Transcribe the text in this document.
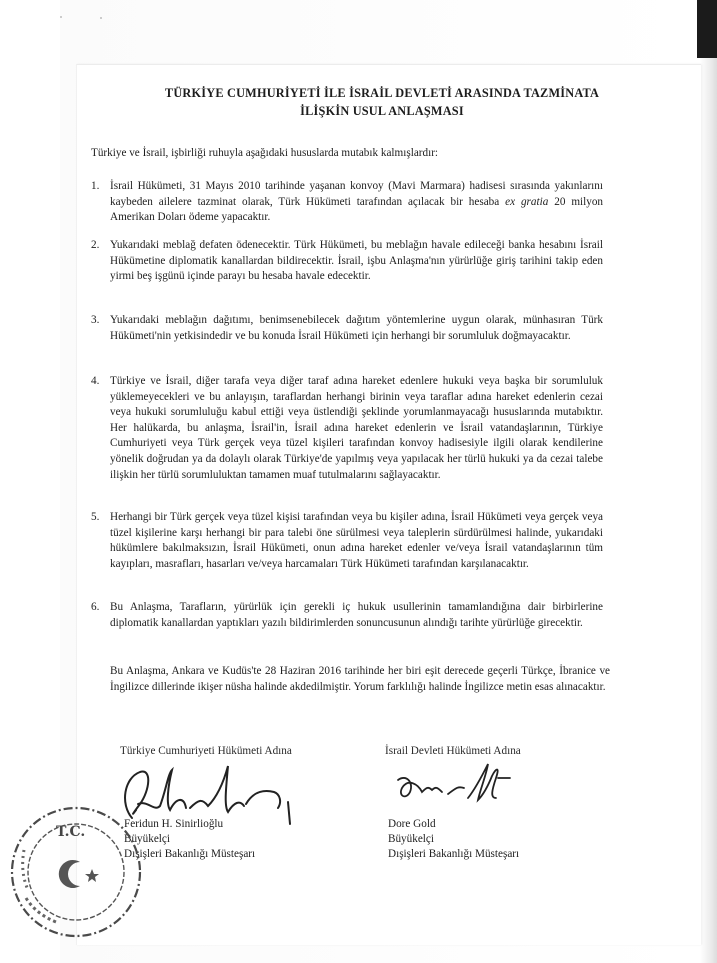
TÜRKİYE CUMHURİYETİ İLE İSRAİL DEVLETİ ARASINDA TAZMİNATA
İLİŞKİN USUL ANLAŞMASI
Türkiye ve İsrail, işbirliği ruhuyla aşağıdaki hususlarda mutabık kalmışlardır:
1. İsrail Hükümeti, 31 Mayıs 2010 tarihinde yaşanan konvoy (Mavi Marmara) hadisesi sırasında yakınlarını kaybeden ailelere tazminat olarak, Türk Hükümeti tarafından açılacak bir hesaba ex gratia 20 milyon Amerikan Doları ödeme yapacaktır.
2. Yukarıdaki meblağ defaten ödenecektir. Türk Hükümeti, bu meblağın havale edileceği banka hesabını İsrail Hükümetine diplomatik kanallardan bildirecektir. İsrail, işbu Anlaşma'nın yürürlüğe giriş tarihini takip eden yirmi beş işgünü içinde parayı bu hesaba havale edecektir.
3. Yukarıdaki meblağın dağıtımı, benimsenebilecek dağıtım yöntemlerine uygun olarak, münhasıran Türk Hükümeti'nin yetkisindedir ve bu konuda İsrail Hükümeti için herhangi bir sorumluluk doğmayacaktır.
4. Türkiye ve İsrail, diğer tarafa veya diğer taraf adına hareket edenlere hukuki veya başka bir sorumluluk yüklemeyecekleri ve bu anlayışın, taraflardan herhangi birinin veya taraflar adına hareket edenlerin cezai veya hukuki sorumluluğu kabul ettiği veya üstlendiği şeklinde yorumlanmayacağı hususlarında mutabıktır. Her halükarda, bu anlaşma, İsrail'in, İsrail adına hareket edenlerin ve İsrail vatandaşlarının, Türkiye Cumhuriyeti veya Türk gerçek veya tüzel kişileri tarafından konvoy hadisesiyle ilgili olarak kendilerine yönelik doğrudan ya da dolaylı olarak Türkiye'de yapılmış veya yapılacak her türlü hukuki ya da cezai talebe ilişkin her türlü sorumluluktan tamamen muaf tutulmalarını sağlayacaktır.
5. Herhangi bir Türk gerçek veya tüzel kişisi tarafından veya bu kişiler adına, İsrail Hükümeti veya gerçek veya tüzel kişilerine karşı herhangi bir para talebi öne sürülmesi veya taleplerin sürdürülmesi halinde, yukarıdaki hükümlere bakılmaksızın, İsrail Hükümeti, onun adına hareket edenler ve/veya İsrail vatandaşlarının tüm kayıpları, masrafları, hasarları ve/veya harcamaları Türk Hükümeti tarafından karşılanacaktır.
6. Bu Anlaşma, Tarafların, yürürlük için gerekli iç hukuk usullerinin tamamlandığına dair birbirlerine diplomatik kanallardan yaptıkları yazılı bildirimlerden sonuncusunun alındığı tarihte yürürlüğe girecektir.
Bu Anlaşma, Ankara ve Kudüs'te 28 Haziran 2016 tarihinde her biri eşit derecede geçerli Türkçe, İbranice ve İngilizce dillerinde ikişer nüsha halinde akdedilmiştir. Yorum farklılığı halinde İngilizce metin esas alınacaktır.
Türkiye Cumhuriyeti Hükümeti Adına	İsrail Devleti Hükümeti Adına
Feridun H. Sinirlioğlu
Büyükelçi
Dışişleri Bakanlığı Müsteşarı
Dore Gold
Büyükelçi
Dışişleri Bakanlığı Müsteşarı
T.C.
